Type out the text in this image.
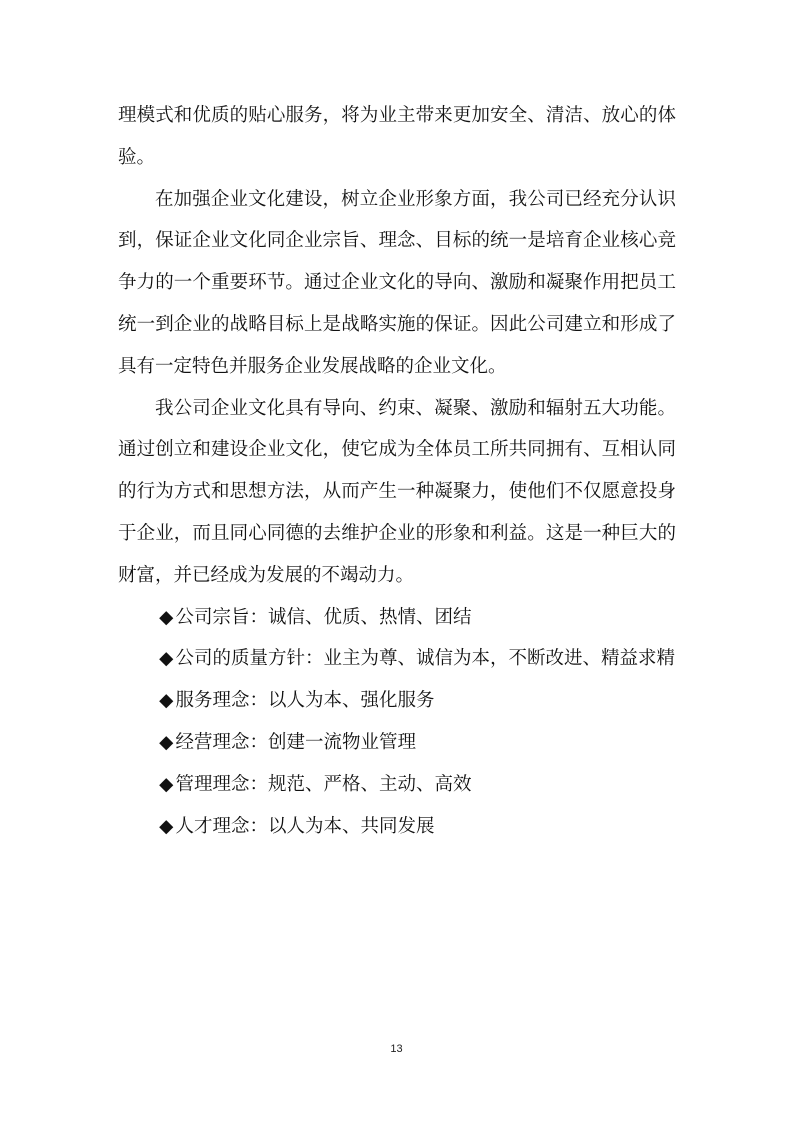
理模式和优质的贴心服务，将为业主带来更加安全、清洁、放心的体
验。
在加强企业文化建设，树立企业形象方面，我公司已经充分认识
到，保证企业文化同企业宗旨、理念、目标的统一是培育企业核心竞
争力的一个重要环节。通过企业文化的导向、激励和凝聚作用把员工
统一到企业的战略目标上是战略实施的保证。因此公司建立和形成了
具有一定特色并服务企业发展战略的企业文化。
我公司企业文化具有导向、约束、凝聚、激励和辐射五大功能。
通过创立和建设企业文化，使它成为全体员工所共同拥有、互相认同
的行为方式和思想方法，从而产生一种凝聚力，使他们不仅愿意投身
于企业，而且同心同德的去维护企业的形象和利益。这是一种巨大的
财富，并已经成为发展的不竭动力。
◆ 公司宗旨：诚信、优质、热情、团结
◆ 公司的质量方针：业主为尊、诚信为本，不断改进、精益求精
◆ 服务理念：以人为本、强化服务
◆ 经营理念：创建一流物业管理
◆ 管理理念：规范、严格、主动、高效
◆ 人才理念：以人为本、共同发展
13
